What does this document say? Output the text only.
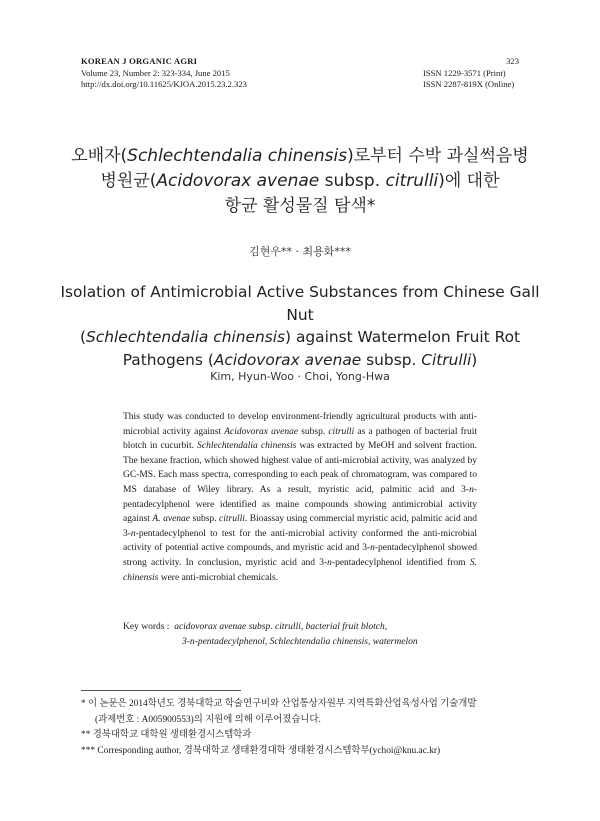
KOREAN J ORGANIC AGRI
Volume 23, Number 2: 323-334, June 2015
http://dx.doi.org/10.11625/KJOA.2015.23.2.323
323
ISSN 1229-3571 (Print)
ISSN 2287-819X (Online)
오배자(Schlechtendalia chinensis)로부터 수박 과실썩음병
병원균(Acidovorax avenae subsp. citrulli)에 대한
항균 활성물질 탐색*
김현우** · 최용화***
Isolation of Antimicrobial Active Substances from Chinese Gall Nut
(Schlechtendalia chinensis) against Watermelon Fruit Rot
Pathogens (Acidovorax avenae subsp. Citrulli)
Kim, Hyun-Woo · Choi, Yong-Hwa

This study was conducted to develop environment-friendly agricultural products with anti-microbial activity against Acidovorax avenae subsp. citrulli as a pathogen of bacterial fruit blotch in cucurbit. Schlechtendalia chinensis was extracted by MeOH and solvent fraction. The hexane fraction, which showed highest value of anti-microbial activity, was analyzed by GC-MS. Each mass spectra, corresponding to each peak of chromatogram, was compared to MS database of Wiley library. As a result, myristic acid, palmitic acid and 3-n-pentadecylphenol were identified as maine compounds showing antimicrobial activity against A. avenae subsp. citrulli. Bioassay using commercial myristic acid, palmitic acid and 3-n-pentadecylphenol to test for the anti-microbial activity conformed the anti-microbial activity of potential active compounds, and myristic acid and 3-n-pentadecylphenol showed strong activity. In conclusion, myristic acid and 3-n-pentadecylphenol identified from S. chinensis were anti-microbial chemicals.

Key words : acidovorax avenae subsp. citrulli, bacterial fruit blotch,
3-n-pentadecylphenol, Schlechtendalia chinensis, watermelon
* 이 논문은 2014학년도 경북대학교 학술연구비와 산업통상자원부 지역특화산업육성사업 기술개발
(과제번호 : A005900553)의 지원에 의해 이루어졌습니다.
** 경북대학교 대학원 생태환경시스템학과
*** Corresponding author, 경북대학교 생태환경대학 생태환경시스템학부(ychoi@knu.ac.kr)
